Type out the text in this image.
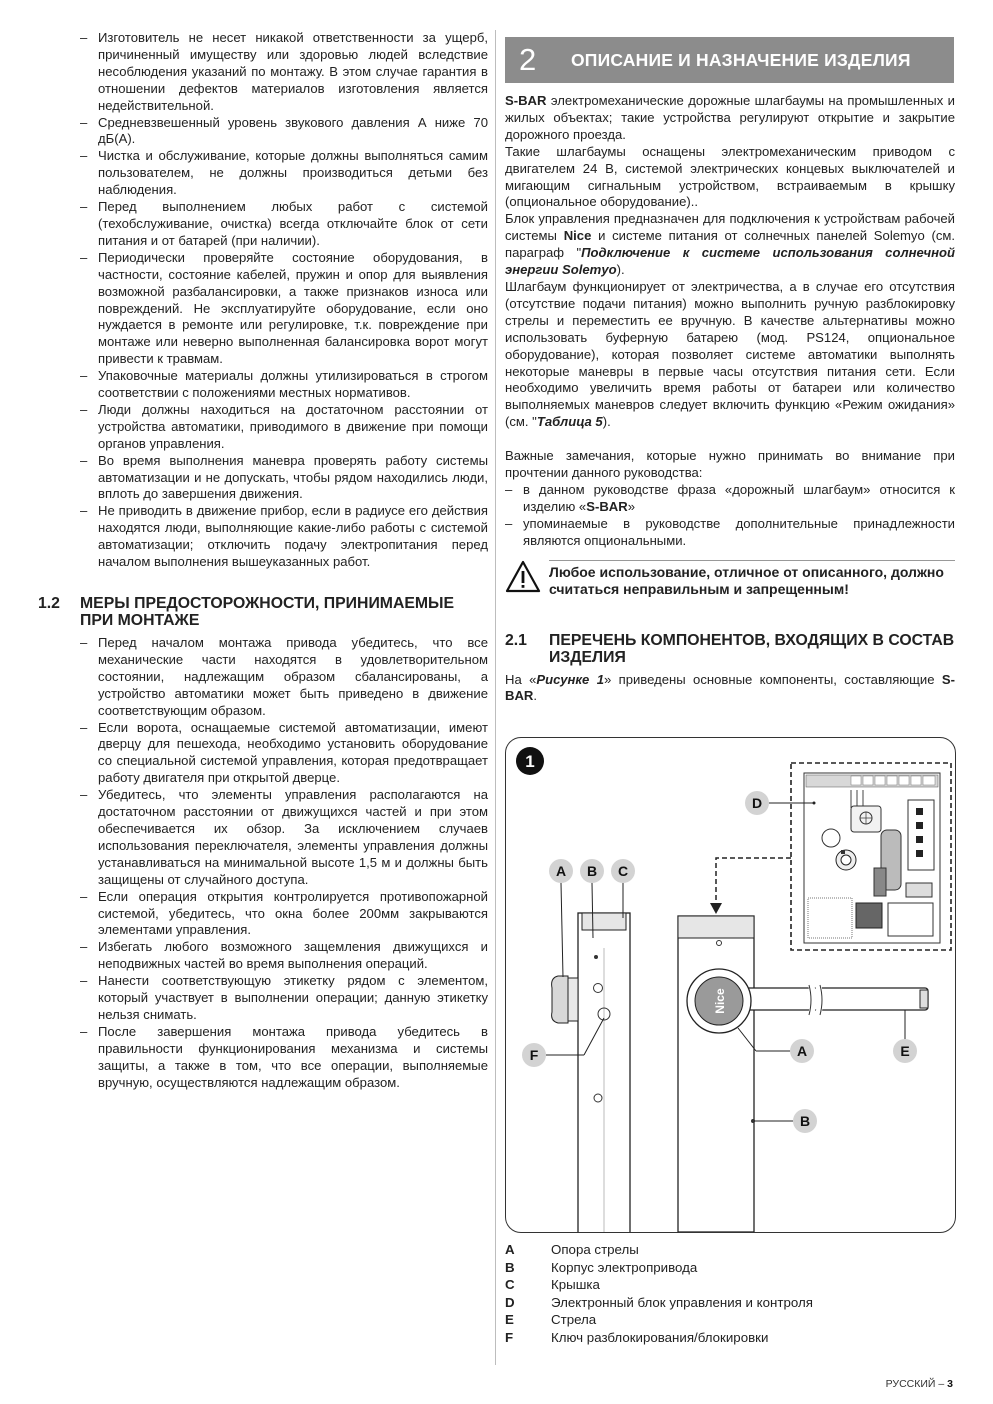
– Изготовитель не несет никакой ответственности за ущерб, причиненный имуществу или здоровью людей вследствие несоблюдения указаний по монтажу. В этом случае гарантия в отношении дефектов материалов изготовления является недействительной.
– Средневзвешенный уровень звукового давления А ниже 70 дБ(А).
– Чистка и обслуживание, которые должны выполняться самим пользователем, не должны производиться детьми без наблюдения.
– Перед выполнением любых работ с системой (техобслуживание, очистка) всегда отключайте блок от сети питания и от батарей (при наличии).
– Периодически проверяйте состояние оборудования, в частности, состояние кабелей, пружин и опор для выявления возможной разбалансировки, а также признаков износа или повреждений. Не эксплуатируйте оборудование, если оно нуждается в ремонте или регулировке, т.к. повреждение при монтаже или неверно выполненная балансировка ворот могут привести к травмам.
– Упаковочные материалы должны утилизироваться в строгом соответствии с положениями местных нормативов.
– Люди должны находиться на достаточном расстоянии от устройства автоматики, приводимого в движение при помощи органов управления.
– Во время выполнения маневра проверять работу системы автоматизации и не допускать, чтобы рядом находились люди, вплоть до завершения движения.
– Не приводить в движение прибор, если в радиусе его действия находятся люди, выполняющие какие-либо работы с системой автоматизации; отключить подачу электропитания перед началом выполнения вышеуказанных работ.
1.2 МЕРЫ ПРЕДОСТОРОЖНОСТИ, ПРИНИМАЕМЫЕ ПРИ МОНТАЖЕ
– Перед началом монтажа привода убедитесь, что все механические части находятся в удовлетворительном состоянии, надлежащим образом сбалансированы, а устройство автоматики может быть приведено в движение соответствующим образом.
– Если ворота, оснащаемые системой автоматизации, имеют дверцу для пешехода, необходимо установить оборудование со специальной системой управления, которая предотвращает работу двигателя при открытой дверце.
– Убедитесь, что элементы управления располагаются на достаточном расстоянии от движущихся частей и при этом обеспечивается их обзор. За исключением случаев использования переключателя, элементы управления должны устанавливаться на минимальной высоте 1,5 м и должны быть защищены от случайного доступа.
– Если операция открытия контролируется противопожарной системой, убедитесь, что окна более 200мм закрываются элементами управления.
– Избегать любого возможного защемления движущихся и неподвижных частей во время выполнения операций.
– Нанести соответствующую этикетку рядом с элементом, который участвует в выполнении операции; данную этикетку нельзя снимать.
– После завершения монтажа привода убедитесь в правильности функционирования механизма и системы защиты, а также в том, что все операции, выполняемые вручную, осуществляются надлежащим образом.
2 ОПИСАНИЕ И НАЗНАЧЕНИЕ ИЗДЕЛИЯ

S-BAR электромеханические дорожные шлагбаумы на промышленных и жилых объектах; такие устройства регулируют открытие и закрытие дорожного проезда.

Такие шлагбаумы оснащены электромеханическим приводом с двигателем 24 В, системой электрических концевых выключателей и мигающим сигнальным устройством, встраиваемым в крышку (опциональное оборудование)..

Блок управления предназначен для подключения к устройствам рабочей системы Nice и системе питания от солнечных панелей Solemyo (см. параграф "Подключение к системе использования солнечной энергии Solemyo).

Шлагбаум функционирует от электричества, а в случае его отсутствия (отсутствие подачи питания) можно выполнить ручную разблокировку стрелы и переместить ее вручную. В качестве альтернативы можно использовать буферную батарею (мод. PS124, опциональное оборудование), которая позволяет системе автоматики выполнять некоторые маневры в первые часы отсутствия питания сети. Если необходимо увеличить время работы от батареи или количество выполняемых маневров следует включить функцию «Режим ожидания» (см. "Таблица 5).

Важные замечания, которые нужно принимать во внимание при прочтении данного руководства:

– в данном руководстве фраза «дорожный шлагбаум» относится к изделию «S-BAR»
– упоминаемые в руководстве дополнительные принадлежности являются опциональными.
Любое использование, отличное от описанного, должно считаться неправильным и запрещенным!
2.1 ПЕРЕЧЕНЬ КОМПОНЕНТОВ, ВХОДЯЩИХ В СОСТАВ ИЗДЕЛИЯ

На «Рисунке 1» приведены основные компоненты, составляющие S-BAR.

1
D
A B C
F
Nice
A	E
B
A	Опора стрелы
B	Корпус электропривода
C	Крышка
D	Электронный блок управления и контроля
E	Стрела
F	Ключ разблокирования/блокировки
РУССКИЙ – 3
